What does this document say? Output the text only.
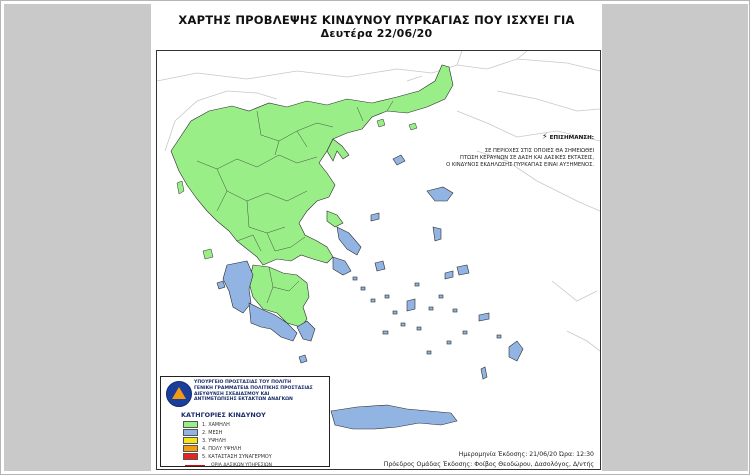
ΧΑΡΤΗΣ ΠΡΟΒΛΕΨΗΣ ΚΙΝΔΥΝΟΥ ΠΥΡΚΑΓΙΑΣ ΠΟΥ ΙΣΧΥΕΙ ΓΙΑ
Δευτέρα 22/06/20
⚡ ΕΠΙΣΗΜΑΝΣΗ:
ΣΕ ΠΕΡΙΟΧΕΣ ΣΤΙΣ ΟΠΟΙΕΣ ΘΑ ΣΗΜΕΙΩΘΕΙ
ΠΤΩΣΗ ΚΕΡΑΥΝΩΝ ΣΕ ΔΑΣΗ ΚΑΙ ΔΑΣΙΚΕΣ ΕΚΤΑΣΕΙΣ,
Ο ΚΙΝΔΥΝΟΣ ΕΚΔΗΛΩΣΗΣ ΠΥΡΚΑΓΙΑΣ ΕΙΝΑΙ ΑΥΞΗΜΕΝΟΣ.
ΥΠΟΥΡΓΕΙΟ ΠΡΟΣΤΑΣΙΑΣ ΤΟΥ ΠΟΛΙΤΗ
ΓΕΝΙΚΗ ΓΡΑΜΜΑΤΕΙΑ ΠΟΛΙΤΙΚΗΣ ΠΡΟΣΤΑΣΙΑΣ
ΔΙΕΥΘΥΝΣΗ ΣΧΕΔΙΑΣΜΟΥ ΚΑΙ
ΑΝΤΙΜΕΤΩΠΙΣΗΣ ΕΚΤΑΚΤΩΝ ΑΝΑΓΚΩΝ
ΚΑΤΗΓΟΡΙΕΣ ΚΙΝΔΥΝΟΥ
1. ΧΑΜΗΛΗ
2. ΜΕΣΗ
3. ΥΨΗΛΗ
4. ΠΟΛΥ ΥΨΗΛΗ
5. ΚΑΤΑΣΤΑΣΗ ΣΥΝΑΓΕΡΜΟΥ
ΟΡΙΑ ΔΑΣΙΚΩΝ ΥΠΗΡΕΣΙΩΝ
Ημερομηνία Έκδοσης: 21/06/20 Ώρα: 12:30
Πρόεδρος Ομάδας Έκδοσης: Φοίβος Θεοδώρου, Δασολόγος, Δ/ντής
